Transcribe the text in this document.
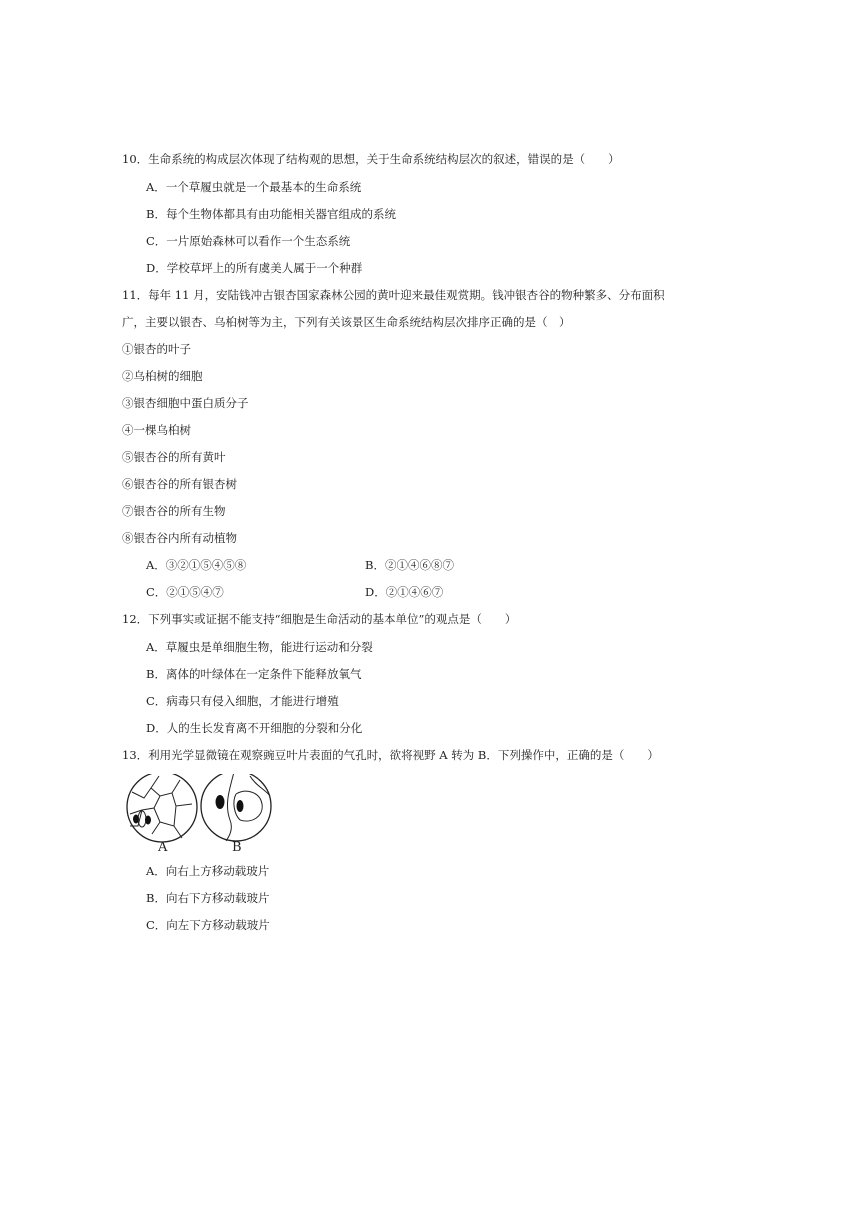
10．生命系统的构成层次体现了结构观的思想，关于生命系统结构层次的叙述，错误的是（　　）
A．一个草履虫就是一个最基本的生命系统
B．每个生物体都具有由功能相关器官组成的系统
C．一片原始森林可以看作一个生态系统
D．学校草坪上的所有虞美人属于一个种群
11．每年 11 月，安陆钱冲古银杏国家森林公园的黄叶迎来最佳观赏期。钱冲银杏谷的物种繁多、分布面积
广，主要以银杏、乌桕树等为主，下列有关该景区生命系统结构层次排序正确的是（　）
①银杏的叶子
②乌桕树的细胞
③银杏细胞中蛋白质分子
④一棵乌桕树
⑤银杏谷的所有黄叶
⑥银杏谷的所有银杏树
⑦银杏谷的所有生物
⑧银杏谷内所有动植物
A．③②①⑤④⑤⑧	B．②①④⑥⑧⑦
C．②①⑤④⑦	D．②①④⑥⑦
12．下列事实或证据不能支持“细胞是生命活动的基本单位”的观点是（　　）
A．草履虫是单细胞生物，能进行运动和分裂
B．离体的叶绿体在一定条件下能释放氧气
C．病毒只有侵入细胞，才能进行增殖
D．人的生长发育离不开细胞的分裂和分化
13．利用光学显微镜在观察豌豆叶片表面的气孔时，欲将视野 A 转为 B．下列操作中，正确的是（　　）
A	B
A．向右上方移动载玻片
B．向右下方移动载玻片
C．向左下方移动载玻片
